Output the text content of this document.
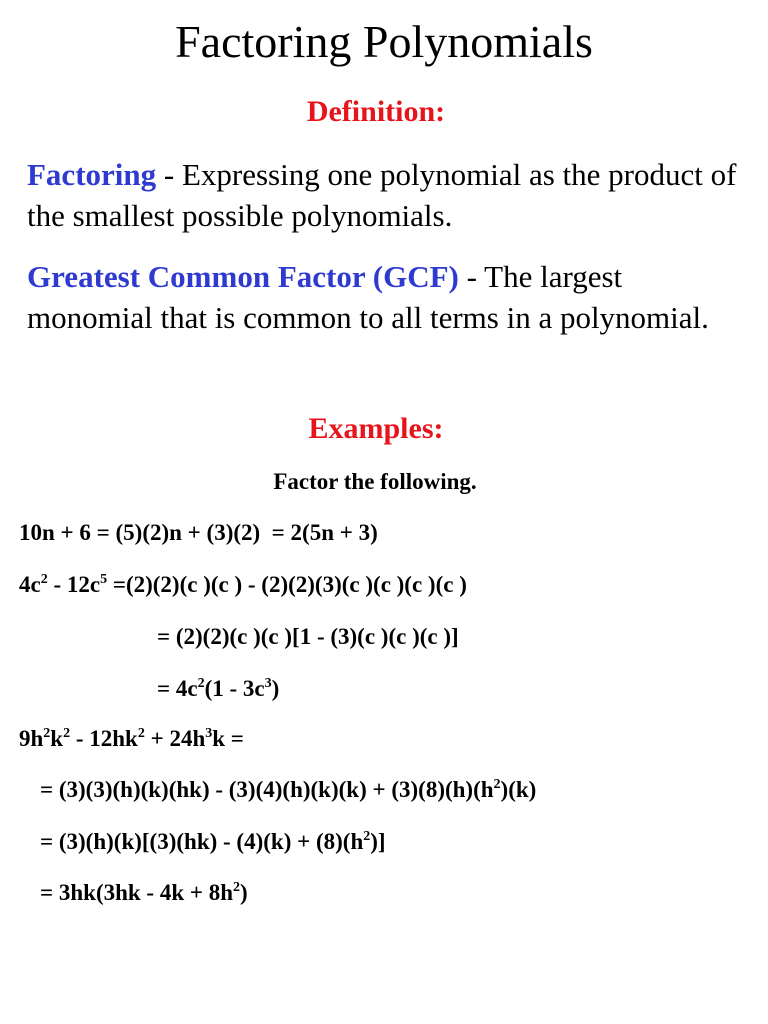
Factoring Polynomials
Definition:
Factoring - Expressing one polynomial as the product of the smallest possible polynomials.
Greatest Common Factor (GCF) - The largest monomial that is common to all terms in a polynomial.
Examples:
Factor the following.
10n + 6 = (5)(2)n + (3)(2)  = 2(5n + 3)
$4c^2 - 12c^5 =(2)(2)(c$ )(c ) - (2)(2)(3)(c )(c )(c )(c )
= (2)(2)(c )(c )[1 - (3)(c )(c )(c )]
= $4c^2(1 - 3c^3)$
$9h^2k^2 - 12hk^2 + 24h^3k$ =
= $(3)(3)(h)(k)(hk) - (3)(4)(h)(k)(k) + (3)(8)(h)(h^2)(k)$
= $(3)(h)(k)[(3)(hk) - (4)(k) + (8)(h^2)]$
= $3hk(3hk - 4k + 8h^2)$
